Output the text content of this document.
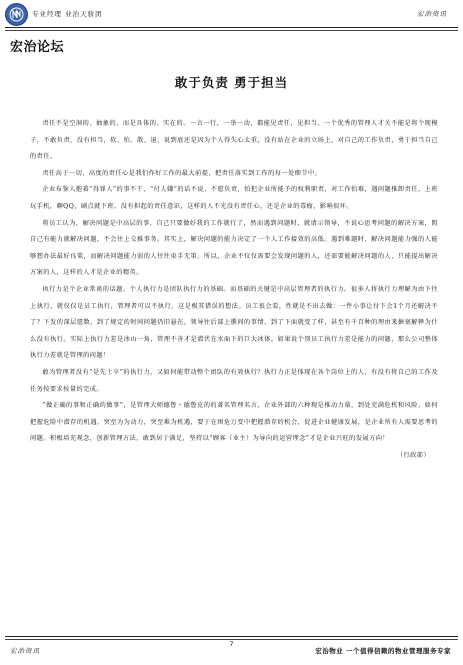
专业经理 业治天骄团	宏治资讯
宏治论坛
敢于负责 勇于担当

责任不是空洞的、抽象的，而是具体的、实在的。一言一行，一举一动，都能见责任，见担当。一个优秀的管理人才关不能是将个现模子，不敢负责，没有担当，软、怕、散、退，说到底还是因为个人得失心太重，没有站在企业的立场上，对自己的工作负责，勇于担当自己的责任。

责任高于一切，高度的责任心是我们作好工作的最大前提，把责任落实到工作的每一处细节中。

企业布鉴人抱着“得罪人”的事不干，“付人嫌”的话不说，不愿负责，怕犯企业所能予的权利职责，对工作怕难，遇问题推卸责任，上班玩手机，聊QQ，刷点就下班，没有担起的责任意识，这样的人不光没有责任心，还是企业的毒瘤，影响很坏。

将员工认为，解决问题是中高层的事，自己只要做好我的工作就行了，然而遇到问题时，就请示领导，不说心思考问题的解决方案，假自己有能力就解决问题，不会往上交推事务。其实上，解决问题的能力决定了一个人工作接效的高低。遇到难题时，解决问题能力强的人能够想办法最好良策，而解决问题能力弱的人往往束手无策。所以，企业不仅仅需要会发现问题的人，还需要能解决问题的人，只能提出解决方案的人，这样的人才是企业的精英。

执行力是个企业常谈的话题。个人执行力是团队执行力的基础。而基础的关键是中高层管理者的执行力。很多人将执行力理解为由下往上执行，就仅仅是员工执行，管理者可以不执行，这是极其错误的想法。员工很会看，性就是不出去做：一件小事让付下会1个月还解决不了？下发的深层愿数，到了规定的时间问题仍旧悬在，领导往后部上循问的事情，到了下面就变了样，甚至有千百种的理由来搪塞解释为什么没有执行。实际上执行力差是冰山一角，管理不善才是潜伏在水面下的巨大冰体。如果说个别员工执行力差是能力的问题，那么公司整体执行力差就是管理的问题！

敢为管理者没有“是先士卒”的执行力，又如何能带动整个团队的有效执行？执行力正是体现在各个岗位上的人，有没有将自己的工作及任务按要求按量的完成。

“做正确的事和正确的做事”，是管理大师德鲁・德鲁克的的著名管理名言，企业外部的六种现是推动力量，到处充满危机和风险，如何把握危险中潜存的机遇，突至为为动力，突至难为机遇，要于在困危万变中把握潜存的机会，促进企业健康发展，是企业所有人需要思考的问题。积极培充观念，创新管理方法，敢到居于满足，坚持以“顾客（业主）为导向的运营理念”才是企业兴旺的发展方向！

（行政部）

宏治资讯
7
宏治物业 一个值得信赖的物业管理服务专家
